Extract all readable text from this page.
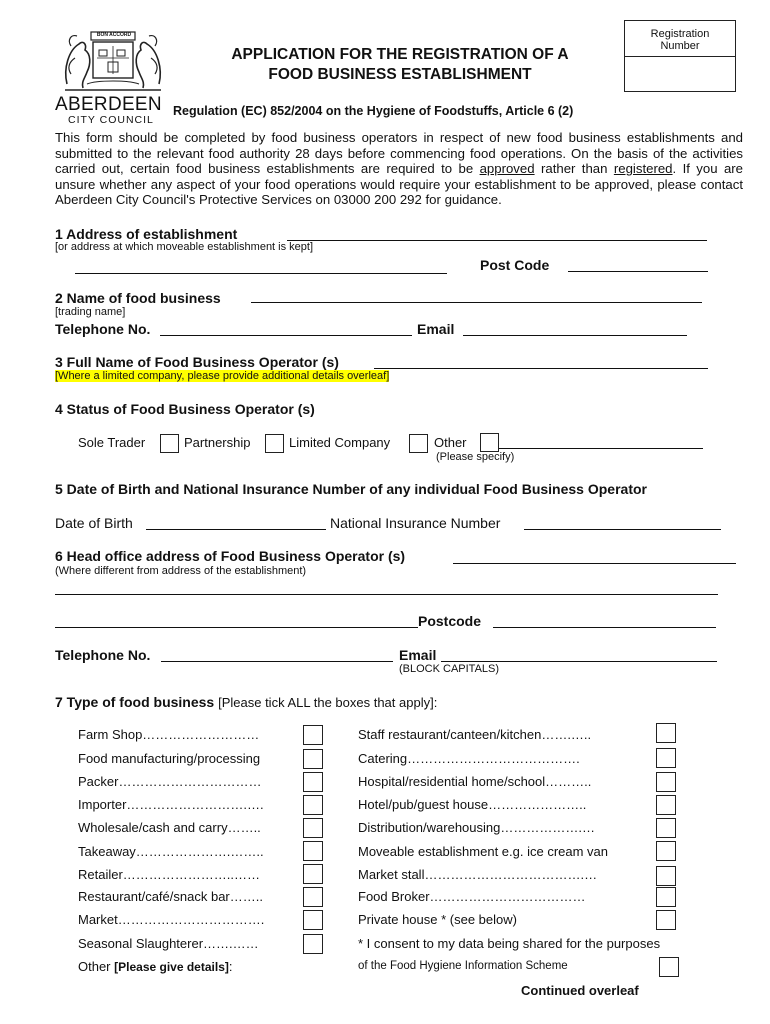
BON ACCORD
ABERDEEN
CITY COUNCIL
APPLICATION FOR THE REGISTRATION OF A
FOOD BUSINESS ESTABLISHMENT
Regulation (EC) 852/2004 on the Hygiene of Foodstuffs, Article 6 (2)
Registration
Number
This form should be completed by food business operators in respect of new food business establishments and submitted to the relevant food authority 28 days before commencing food operations. On the basis of the activities carried out, certain food business establishments are required to be approved rather than registered. If you are unsure whether any aspect of your food operations would require your establishment to be approved, please contact Aberdeen City Council's Protective Services on 03000 200 292 for guidance.
1 Address of establishment
[or address at which moveable establishment is kept]
Post Code
2 Name of food business
[trading name]
Telephone No.	Email
3 Full Name of Food Business Operator (s)
[Where a limited company, please provide additional details overleaf]
4 Status of Food Business Operator (s)
Sole Trader	Partnership	Limited Company	Other
(Please specify)
5 Date of Birth and National Insurance Number of any individual Food Business Operator
Date of Birth	National Insurance Number
6 Head office address of Food Business Operator (s)
(Where different from address of the establishment)
Postcode
Telephone No.	Email
(BLOCK CAPITALS)
7 Type of food business [Please tick ALL the boxes that apply]:
Farm Shop………………………
Food manufacturing/processing
Packer……………………………
Importer……………………….….
Wholesale/cash and carry……..
Takeaway………………….……..
Retailer……………………..……
Restaurant/café/snack bar……..
Market…………………………….
Seasonal Slaughterer…….……
Other [Please give details]:
Staff restaurant/canteen/kitchen…….…..
Catering………………………………….
Hospital/residential home/school………..
Hotel/pub/guest house…………………..
Distribution/warehousing……………….…
Moveable establishment e.g. ice cream van
Market stall……………………………….…
Food Broker………………………………
Private house * (see below)
* I consent to my data being shared for the purposes
of the Food Hygiene Information Scheme
Continued overleaf
